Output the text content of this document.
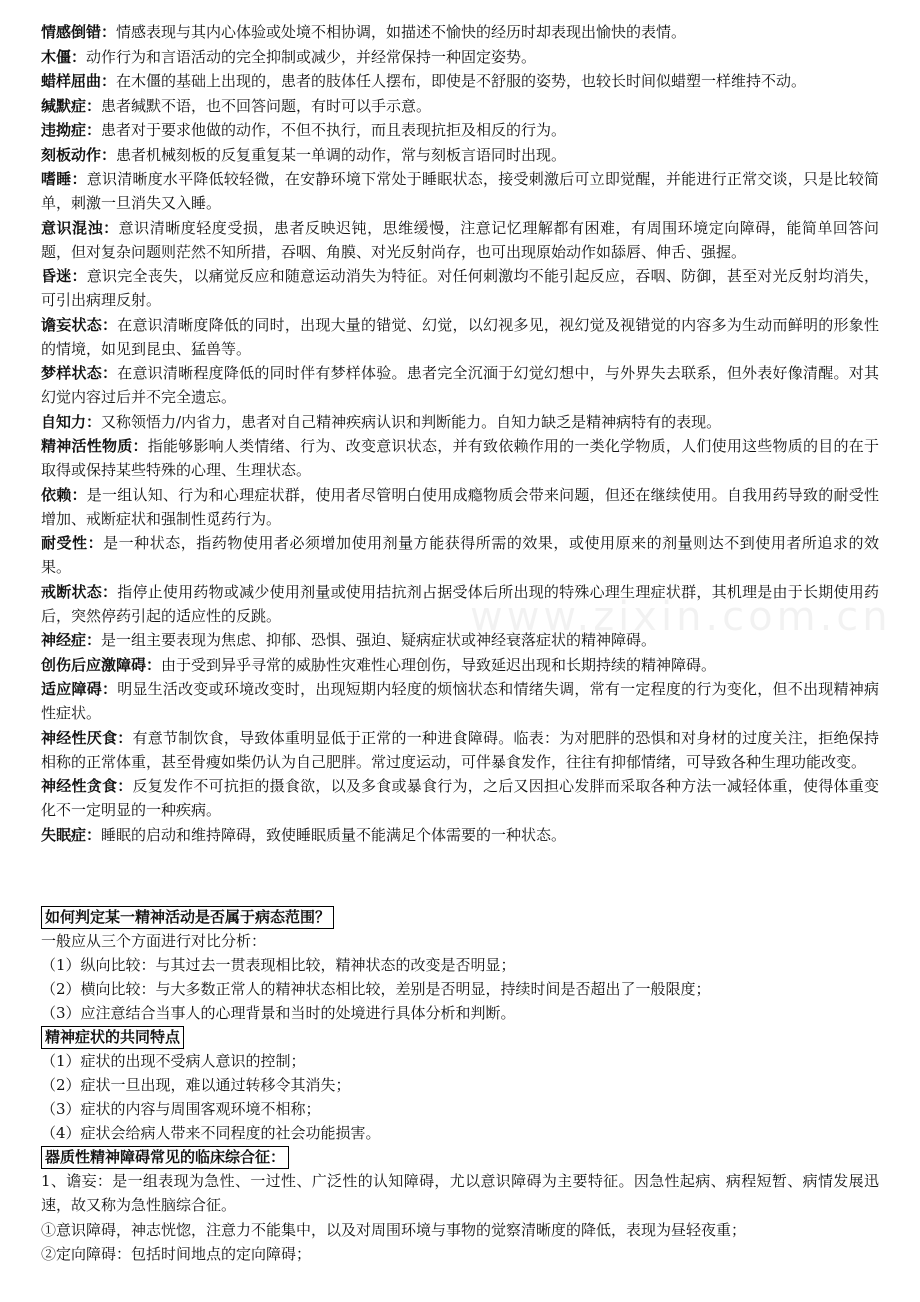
情感倒错：情感表现与其内心体验或处境不相协调，如描述不愉快的经历时却表现出愉快的表情。

木僵：动作行为和言语活动的完全抑制或减少，并经常保持一种固定姿势。

蜡样屈曲：在木僵的基础上出现的，患者的肢体任人摆布，即使是不舒服的姿势，也较长时间似蜡塑一样维持不动。

缄默症：患者缄默不语，也不回答问题，有时可以手示意。

违拗症：患者对于要求他做的动作，不但不执行，而且表现抗拒及相反的行为。

刻板动作：患者机械刻板的反复重复某一单调的动作，常与刻板言语同时出现。

嗜睡：意识清晰度水平降低较轻微，在安静环境下常处于睡眠状态，接受刺激后可立即觉醒，并能进行正常交谈，只是比较简单，刺激一旦消失又入睡。

意识混浊：意识清晰度轻度受损，患者反映迟钝，思维缓慢，注意记忆理解都有困难，有周围环境定向障碍，能简单回答问题，但对复杂问题则茫然不知所措，吞咽、角膜、对光反射尚存，也可出现原始动作如舔唇、伸舌、强握。

昏迷：意识完全丧失，以痛觉反应和随意运动消失为特征。对任何刺激均不能引起反应，吞咽、防御，甚至对光反射均消失，可引出病理反射。

谵妄状态：在意识清晰度降低的同时，出现大量的错觉、幻觉，以幻视多见，视幻觉及视错觉的内容多为生动而鲜明的形象性的情境，如见到昆虫、猛兽等。

梦样状态：在意识清晰程度降低的同时伴有梦样体验。患者完全沉湎于幻觉幻想中，与外界失去联系，但外表好像清醒。对其幻觉内容过后并不完全遗忘。

自知力：又称领悟力/内省力，患者对自己精神疾病认识和判断能力。自知力缺乏是精神病特有的表现。

精神活性物质：指能够影响人类情绪、行为、改变意识状态，并有致依赖作用的一类化学物质，人们使用这些物质的目的在于取得或保持某些特殊的心理、生理状态。

依赖：是一组认知、行为和心理症状群，使用者尽管明白使用成瘾物质会带来问题，但还在继续使用。自我用药导致的耐受性增加、戒断症状和强制性觅药行为。

耐受性：是一种状态，指药物使用者必须增加使用剂量方能获得所需的效果，或使用原来的剂量则达不到使用者所追求的效果。

戒断状态：指停止使用药物或减少使用剂量或使用拮抗剂占据受体后所出现的特殊心理生理症状群，其机理是由于长期使用药后，突然停药引起的适应性的反跳。

神经症：是一组主要表现为焦虑、抑郁、恐惧、强迫、疑病症状或神经衰落症状的精神障碍。

创伤后应激障碍：由于受到异乎寻常的威胁性灾难性心理创伤，导致延迟出现和长期持续的精神障碍。

适应障碍：明显生活改变或环境改变时，出现短期内轻度的烦恼状态和情绪失调，常有一定程度的行为变化，但不出现精神病性症状。

神经性厌食：有意节制饮食，导致体重明显低于正常的一种进食障碍。临表：为对肥胖的恐惧和对身材的过度关注，拒绝保持相称的正常体重，甚至骨瘦如柴仍认为自己肥胖。常过度运动，可伴暴食发作，往往有抑郁情绪，可导致各种生理功能改变。

神经性贪食：反复发作不可抗拒的摄食欲，以及多食或暴食行为，之后又因担心发胖而采取各种方法一减轻体重，使得体重变化不一定明显的一种疾病。

失眠症：睡眠的启动和维持障碍，致使睡眠质量不能满足个体需要的一种状态。

如何判定某一精神活动是否属于病态范围？

一般应从三个方面进行对比分析：

（1）纵向比较：与其过去一贯表现相比较，精神状态的改变是否明显；

（2）横向比较：与大多数正常人的精神状态相比较，差别是否明显，持续时间是否超出了一般限度；

（3）应注意结合当事人的心理背景和当时的处境进行具体分析和判断。

精神症状的共同特点

（1）症状的出现不受病人意识的控制；

（2）症状一旦出现，难以通过转移令其消失；

（3）症状的内容与周围客观环境不相称；

（4）症状会给病人带来不同程度的社会功能损害。

器质性精神障碍常见的临床综合征：

1、谵妄：是一组表现为急性、一过性、广泛性的认知障碍，尤以意识障碍为主要特征。因急性起病、病程短暂、病情发展迅速，故又称为急性脑综合征。

①意识障碍，神志恍惚，注意力不能集中，以及对周围环境与事物的觉察清晰度的降低，表现为昼轻夜重；

②定向障碍：包括时间地点的定向障碍；

www.zixin.com.cn
